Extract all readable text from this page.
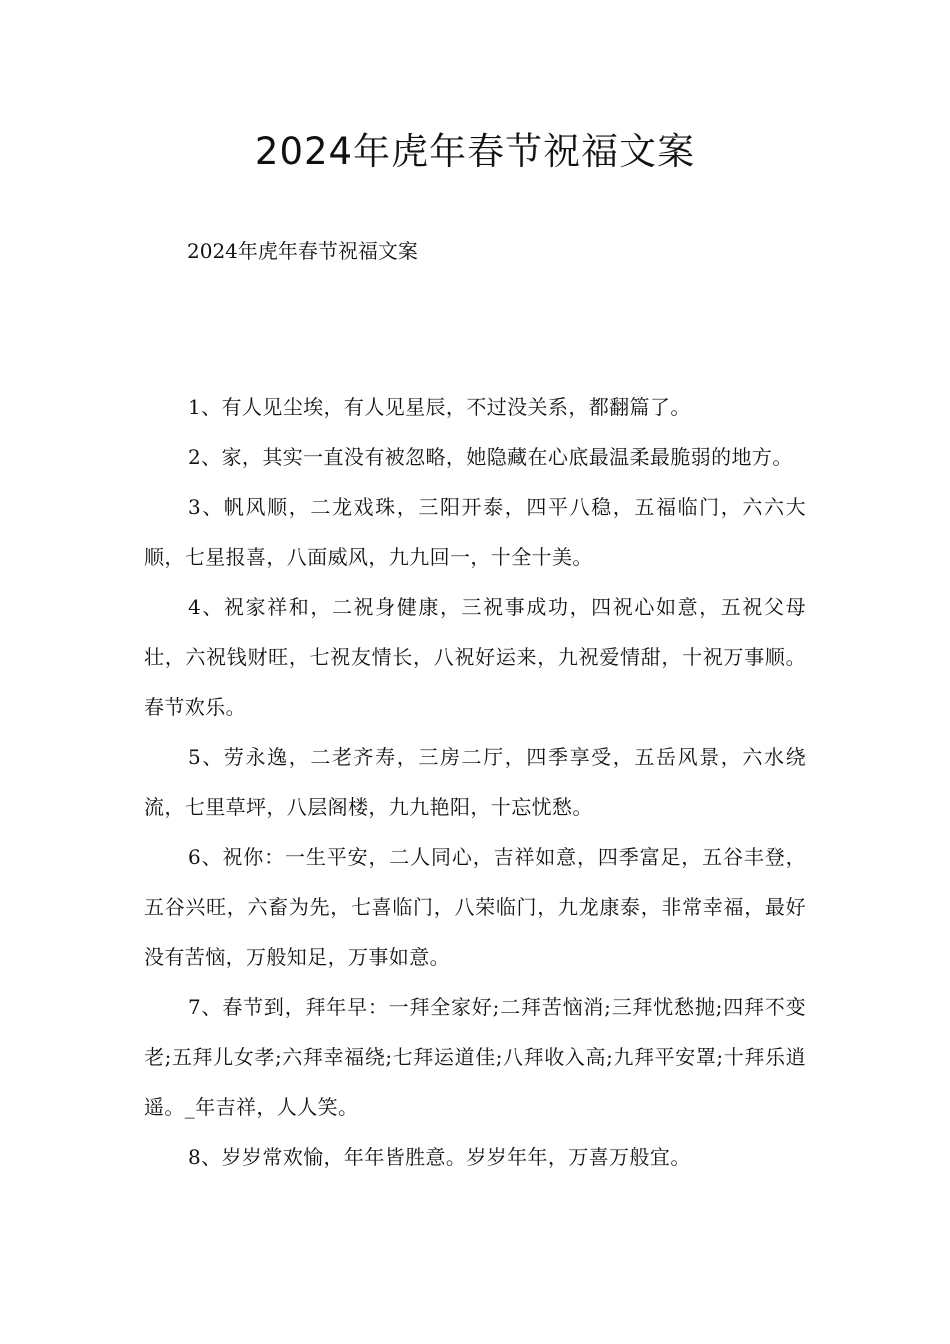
2024年虎年春节祝福文案
2024年虎年春节祝福文案

1、有人见尘埃，有人见星辰，不过没关系，都翻篇了。

2、家，其实一直没有被忽略，她隐藏在心底最温柔最脆弱的地方。

3、帆风顺，二龙戏珠，三阳开泰，四平八稳，五福临门，六六大顺，七星报喜，八面威风，九九回一，十全十美。

4、祝家祥和，二祝身健康，三祝事成功，四祝心如意，五祝父母壮，六祝钱财旺，七祝友情长，八祝好运来，九祝爱情甜，十祝万事顺。春节欢乐。

5、劳永逸，二老齐寿，三房二厅，四季享受，五岳风景，六水绕流，七里草坪，八层阁楼，九九艳阳，十忘忧愁。

6、祝你：一生平安，二人同心，吉祥如意，四季富足，五谷丰登，五谷兴旺，六畜为先，七喜临门，八荣临门，九龙康泰，非常幸福，最好没有苦恼，万般知足，万事如意。

7、春节到，拜年早：一拜全家好;二拜苦恼消;三拜忧愁抛;四拜不变老;五拜儿女孝;六拜幸福绕;七拜运道佳;八拜收入高;九拜平安罩;十拜乐逍遥。_年吉祥，人人笑。

8、岁岁常欢愉，年年皆胜意。岁岁年年，万喜万般宜。
